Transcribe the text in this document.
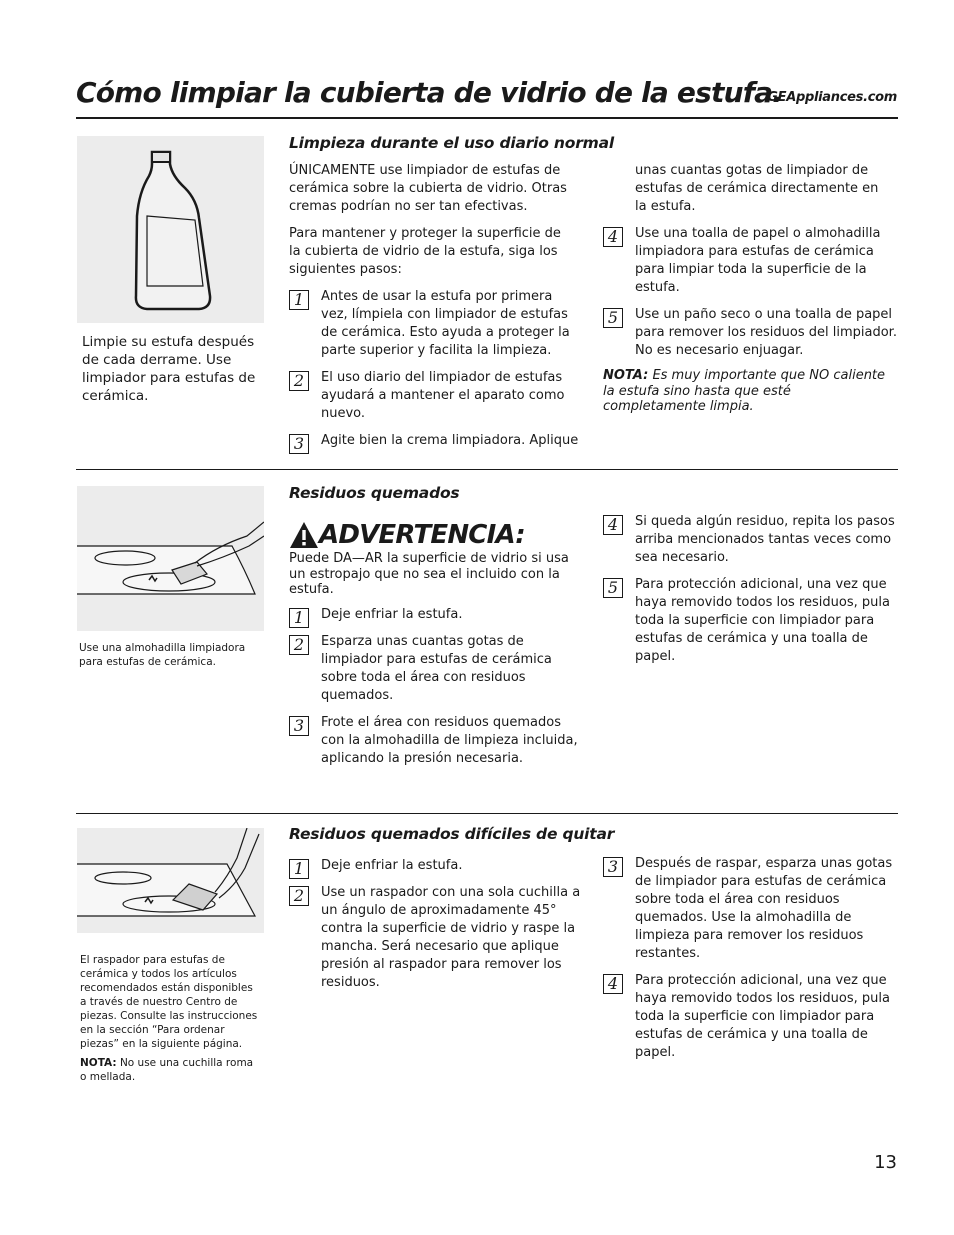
Cómo limpiar la cubierta de vidrio de la estufa.
GEAppliances.com
Limpie su estufa después de cada derrame. Use limpiador para estufas de cerámica.
Limpieza durante el uso diario normal
ÚNICAMENTE use limpiador de estufas de cerámica sobre la cubierta de vidrio. Otras cremas podrían no ser tan efectivas.
Para mantener y proteger la superficie de la cubierta de vidrio de la estufa, siga los siguientes pasos:
1	Antes de usar la estufa por primera vez, límpiela con limpiador de estufas de cerámica. Esto ayuda a proteger la parte superior y facilita la limpieza.
2	El uso diario del limpiador de estufas ayudará a mantener el aparato como nuevo.
3	Agite bien la crema limpiadora. Aplique
unas cuantas gotas de limpiador de estufas de cerámica directamente en la estufa.
4	Use una toalla de papel o almohadilla limpiadora para estufas de cerámica para limpiar toda la superficie de la estufa.
5	Use un paño seco o una toalla de papel para remover los residuos del limpiador. No es necesario enjuagar.
NOTA: Es muy importante que NO caliente la estufa sino hasta que esté completamente limpia.
Use una almohadilla limpiadora para estufas de cerámica.
Residuos quemados
ADVERTENCIA:
Puede DA—AR la superficie de vidrio si usa un estropajo que no sea el incluido con la estufa.
1	Deje enfriar la estufa.
2	Esparza unas cuantas gotas de limpiador para estufas de cerámica sobre toda el área con residuos quemados.
3	Frote el área con residuos quemados con la almohadilla de limpieza incluida, aplicando la presión necesaria.
4	Si queda algún residuo, repita los pasos arriba mencionados tantas veces como sea necesario.
5	Para protección adicional, una vez que haya removido todos los residuos, pula toda la superficie con limpiador para estufas de cerámica y una toalla de papel.
El raspador para estufas de cerámica y todos los artículos recomendados están disponibles a través de nuestro Centro de piezas. Consulte las instrucciones en la sección “Para ordenar piezas” en la siguiente página.
NOTA: No use una cuchilla roma o mellada.
Residuos quemados difíciles de quitar
1	Deje enfriar la estufa.
2	Use un raspador con una sola cuchilla a un ángulo de aproximadamente 45° contra la superficie de vidrio y raspe la mancha. Será necesario que aplique presión al raspador para remover los residuos.
3	Después de raspar, esparza unas gotas de limpiador para estufas de cerámica sobre toda el área con residuos quemados. Use la almohadilla de limpieza para remover los residuos restantes.
4	Para protección adicional, una vez que haya removido todos los residuos, pula toda la superficie con limpiador para estufas de cerámica y una toalla de papel.
13
